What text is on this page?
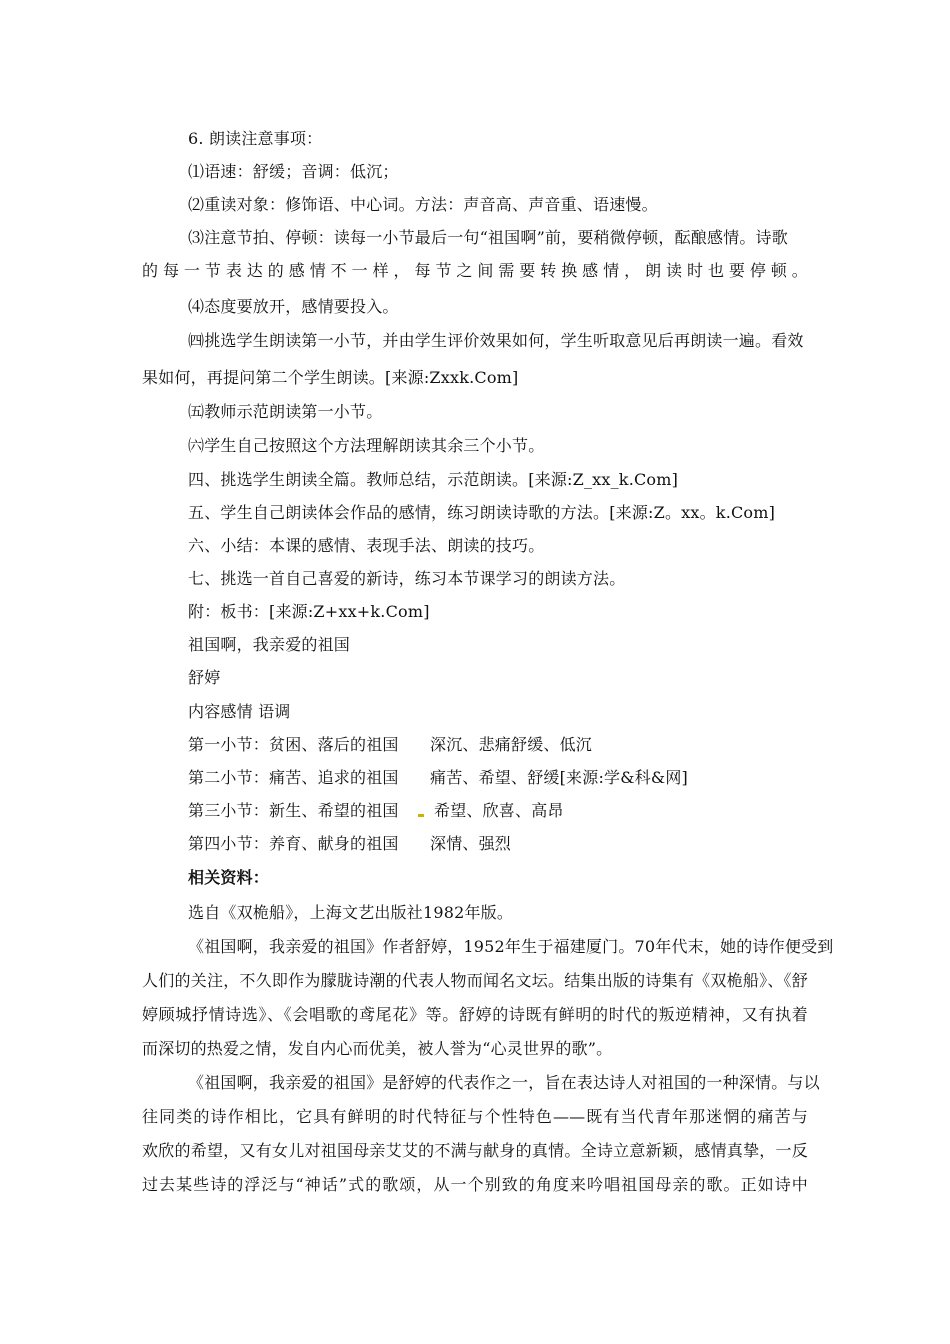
6. 朗读注意事项：
⑴语速：舒缓；音调：低沉；
⑵重读对象：修饰语、中心词。方法：声音高、声音重、语速慢。
⑶注意节拍、停顿：读每一小节最后一句“祖国啊”前，要稍微停顿，酝酿感情。诗歌
的每一节表达的感情不一样，每节之间需要转换感情，朗读时也要停顿。
⑷态度要放开，感情要投入。
㈣挑选学生朗读第一小节，并由学生评价效果如何，学生听取意见后再朗读一遍。看效
果如何，再提问第二个学生朗读。[来源:Zxxk.Com]
㈤教师示范朗读第一小节。
㈥学生自己按照这个方法理解朗读其余三个小节。
四、挑选学生朗读全篇。教师总结，示范朗读。[来源:Z_xx_k.Com]
五、学生自己朗读体会作品的感情，练习朗读诗歌的方法。[来源:Z。xx。k.Com]
六、小结：本课的感情、表现手法、朗读的技巧。
七、挑选一首自己喜爱的新诗，练习本节课学习的朗读方法。
附：板书：[来源:Z+xx+k.Com]
祖国啊，我亲爱的祖国
舒婷
内容感情 语调
第一小节：贫困、落后的祖国 深沉、悲痛舒缓、低沉
第二小节：痛苦、追求的祖国 痛苦、希望、舒缓[来源:学&科&网]
第三小节：新生、希望的祖国 希望、欣喜、高昂
第四小节：养育、献身的祖国 深情、强烈
相关资料：
选自《双桅船》，上海文艺出版社1982年版。
《祖国啊，我亲爱的祖国》作者舒婷，1952年生于福建厦门。70年代末，她的诗作便受到
人们的关注，不久即作为朦胧诗潮的代表人物而闻名文坛。结集出版的诗集有《双桅船》、《舒
婷顾城抒情诗选》、《会唱歌的鸢尾花》等。舒婷的诗既有鲜明的时代的叛逆精神，又有执着
而深切的热爱之情，发自内心而优美，被人誉为“心灵世界的歌”。
《祖国啊，我亲爱的祖国》是舒婷的代表作之一，旨在表达诗人对祖国的一种深情。与以
往同类的诗作相比，它具有鲜明的时代特征与个性特色——既有当代青年那迷惘的痛苦与
欢欣的希望，又有女儿对祖国母亲艾艾的不满与献身的真情。全诗立意新颖，感情真挚，一反
过去某些诗的浮泛与“神话”式的歌颂，从一个别致的角度来吟唱祖国母亲的歌。正如诗中
